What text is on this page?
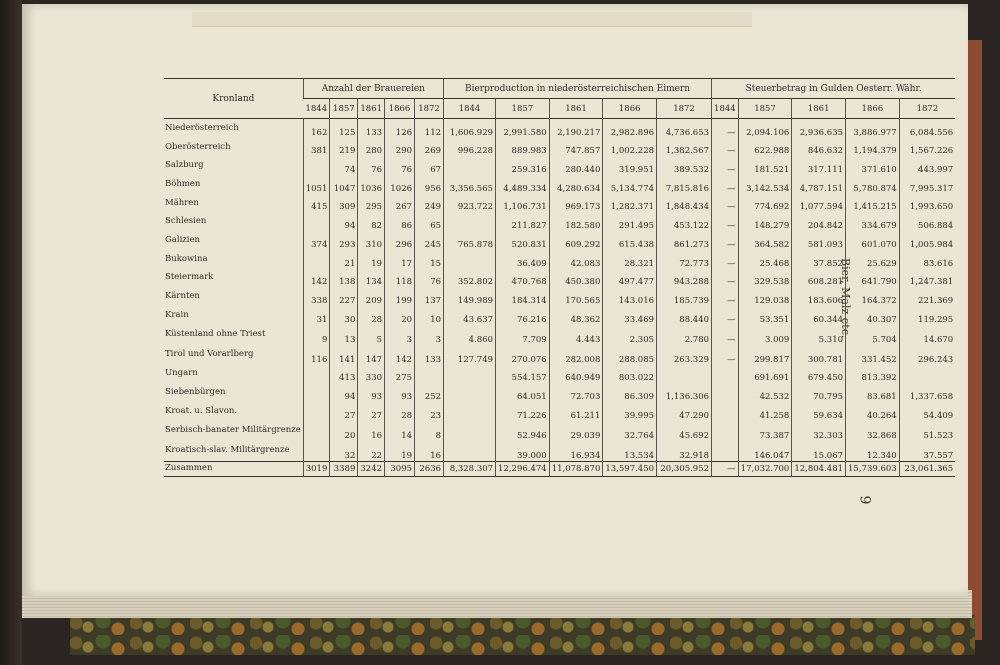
Bier, Malz etc.
9
Kronland	Anzahl der Brauereien					Bierproduction in niederösterreichischen Eimern					Steuerbetrag in Gulden Oesterr. Währ.				
	1844	1857	1861	1866	1872	1844	1857	1861	1866	1872	1844	1857	1861	1866	1872
Niederösterreich	162	125	133	126	112	1,606.929	2,991.580	2,190.217	2,982.896	4,736.653	—	2,094.106	2,936.635	3,886.977	6,084.556
Oberösterreich	381	219	280	290	269	996.228	889.983	747.857	1,002.228	1,382.567	—	622.988	846.632	1,194.379	1,567.226
Salzburg		74	76	76	67		259.316	280.440	319.951	389.532	—	181.521	317.111	371.610	443.997
Böhmen	1051	1047	1036	1026	956	3,356.565	4,489.334	4,280.634	5,134.774	7,815.816	—	3,142.534	4,787.151	5,780.874	7,995.317
Mähren	415	309	295	267	249	923.722	1,106.731	969.173	1,282.371	1,848.434	—	774.692	1,077.594	1,415.215	1,993.650
Schlesien		94	82	86	65		211.827	182.580	291.495	453.122	—	148.279	204.842	334.679	506.884
Galizien	374	293	310	296	245	765.878	520.831	609.292	615.438	861.273	—	364.582	581.093	601.070	1,005.984
Bukowina		21	19	17	15		36.409	42.083	28.321	72.773	—	25.468	37.852	25.629	83.616
Steiermark	142	138	134	118	76	352.802	470.768	450.380	497.477	943.288	—	329.538	608.281	641.790	1,247.381
Kärnten	338	227	209	199	137	149.989	184.314	170.565	143.016	185.739	—	129.038	183.606	164.372	221.369
Krain	31	30	28	20	10	43.637	76.216	48.362	33.469	88.440	—	53.351	60.344	40.307	119.295
Küstenland ohne Triest	9	13	5	3	3	4.860	7.709	4.443	2.305	2.780	—	3.009	5.310	5.704	14.670
Tirol und Vorarlberg	116	141	147	142	133	127.749	270.076	282.008	288.085	263.329	—	299.817	300.781	331.452	296.243
Ungarn		413	330	275			554.157	640.949	803.022			691.691	679.450	813.392	
Siebenbürgen		94	93	93	252		64.051	72.703	86.309	1,136.306		42.532	70.795	83.681	1,337.658
Kroat. u. Slavon.		27	27	28	23		71.226	61.211	39.995	47.290		41.258	59.634	40.264	54.409
Serbisch-banater Militärgrenze		20	16	14	8		52.946	29.039	32.764	45.692		73.387	32.303	32.868	51.523
Kroatisch-slav. Militärgrenze		32	22	19	16		39.000	16.934	13.534	32.918		146.047	15.067	12.340	37.557
Zusammen	3019	3389	3242	3095	2636	8,328.307	12,296.474	11,078.870	13,597.450	20,305.952	—	17,032.700	12,804.481	15,739.603	23,061.365
